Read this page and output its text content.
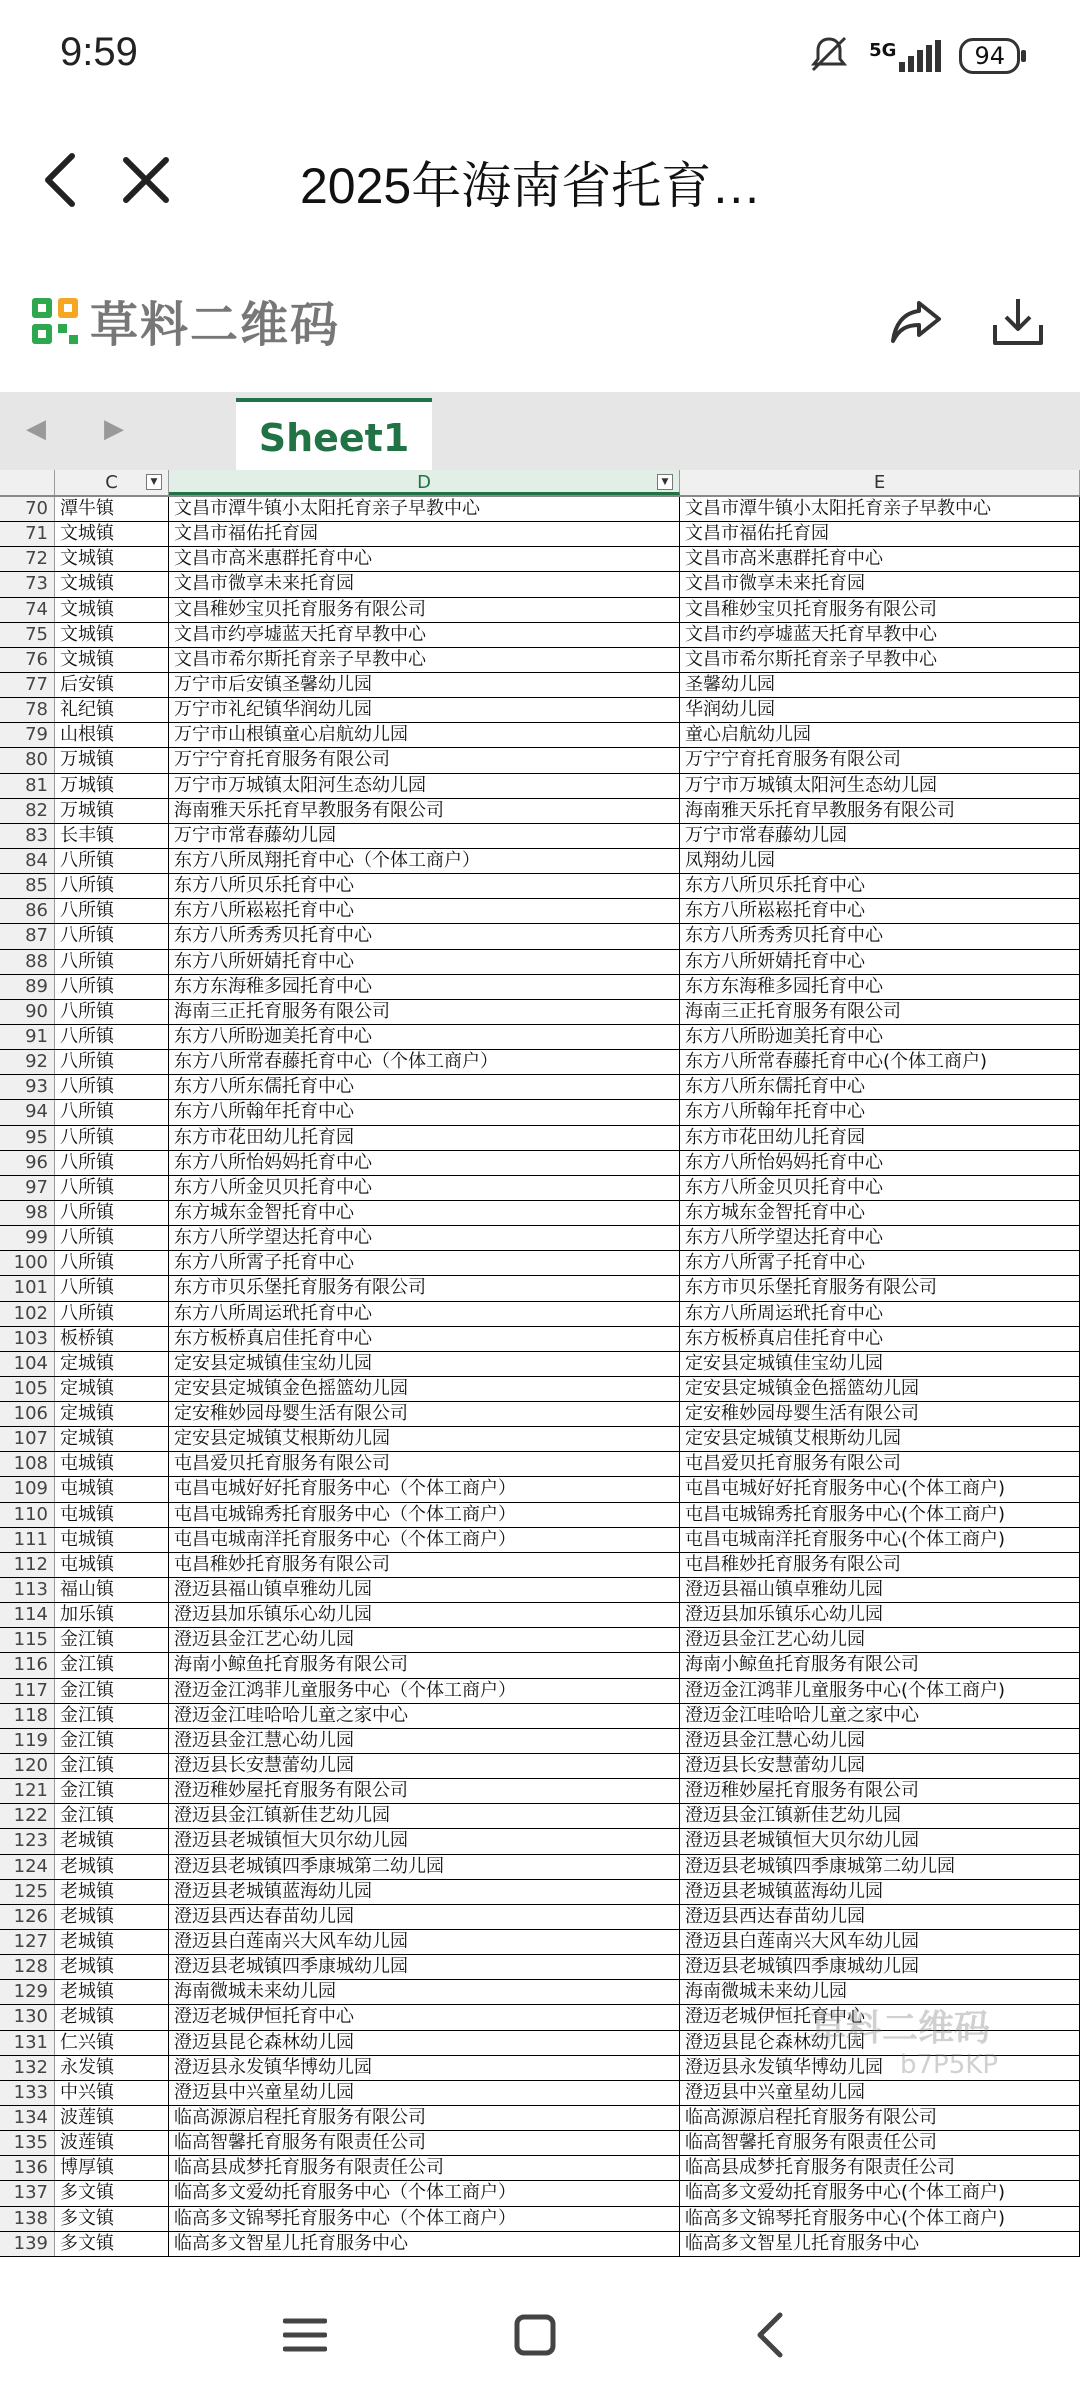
9:59	5G	94
2025年海南省托育…
草料二维码
◀ ▶	Sheet1
C	▼	D	▼	E
70 潭牛镇	文昌市潭牛镇小太阳托育亲子早教中心	文昌市潭牛镇小太阳托育亲子早教中心
71 文城镇	文昌市福佑托育园	文昌市福佑托育园
72 文城镇	文昌市高米惠群托育中心	文昌市高米惠群托育中心
73 文城镇	文昌市微享未来托育园	文昌市微享未来托育园
74 文城镇	文昌稚妙宝贝托育服务有限公司	文昌稚妙宝贝托育服务有限公司
75 文城镇	文昌市约亭墟蓝天托育早教中心	文昌市约亭墟蓝天托育早教中心
76 文城镇	文昌市希尔斯托育亲子早教中心	文昌市希尔斯托育亲子早教中心
77 后安镇	万宁市后安镇圣馨幼儿园	圣馨幼儿园
78 礼纪镇	万宁市礼纪镇华润幼儿园	华润幼儿园
79 山根镇	万宁市山根镇童心启航幼儿园	童心启航幼儿园
80 万城镇	万宁宁育托育服务有限公司	万宁宁育托育服务有限公司
81 万城镇	万宁市万城镇太阳河生态幼儿园	万宁市万城镇太阳河生态幼儿园
82 万城镇	海南雅天乐托育早教服务有限公司	海南雅天乐托育早教服务有限公司
83 长丰镇	万宁市常春藤幼儿园	万宁市常春藤幼儿园
84 八所镇	东方八所凤翔托育中心（个体工商户）	凤翔幼儿园
85 八所镇	东方八所贝乐托育中心	东方八所贝乐托育中心
86 八所镇	东方八所崧崧托育中心	东方八所崧崧托育中心
87 八所镇	东方八所秀秀贝托育中心	东方八所秀秀贝托育中心
88 八所镇	东方八所妍婧托育中心	东方八所妍婧托育中心
89 八所镇	东方东海稚多园托育中心	东方东海稚多园托育中心
90 八所镇	海南三正托育服务有限公司	海南三正托育服务有限公司
91 八所镇	东方八所盼迦美托育中心	东方八所盼迦美托育中心
92 八所镇	东方八所常春藤托育中心（个体工商户）	东方八所常春藤托育中心(个体工商户)
93 八所镇	东方八所东儒托育中心	东方八所东儒托育中心
94 八所镇	东方八所翰年托育中心	东方八所翰年托育中心
95 八所镇	东方市花田幼儿托育园	东方市花田幼儿托育园
96 八所镇	东方八所怡妈妈托育中心	东方八所怡妈妈托育中心
97 八所镇	东方八所金贝贝托育中心	东方八所金贝贝托育中心
98 八所镇	东方城东金智托育中心	东方城东金智托育中心
99 八所镇	东方八所学望达托育中心	东方八所学望达托育中心
100 八所镇	东方八所霄子托育中心	东方八所霄子托育中心
101 八所镇	东方市贝乐堡托育服务有限公司	东方市贝乐堡托育服务有限公司
102 八所镇	东方八所周运玳托育中心	东方八所周运玳托育中心
103 板桥镇	东方板桥真启佳托育中心	东方板桥真启佳托育中心
104 定城镇	定安县定城镇佳宝幼儿园	定安县定城镇佳宝幼儿园
105 定城镇	定安县定城镇金色摇篮幼儿园	定安县定城镇金色摇篮幼儿园
106 定城镇	定安稚妙园母婴生活有限公司	定安稚妙园母婴生活有限公司
107 定城镇	定安县定城镇艾根斯幼儿园	定安县定城镇艾根斯幼儿园
108 屯城镇	屯昌爱贝托育服务有限公司	屯昌爱贝托育服务有限公司
109 屯城镇	屯昌屯城好好托育服务中心（个体工商户）	屯昌屯城好好托育服务中心(个体工商户)
110 屯城镇	屯昌屯城锦秀托育服务中心（个体工商户）	屯昌屯城锦秀托育服务中心(个体工商户)
111 屯城镇	屯昌屯城南洋托育服务中心（个体工商户）	屯昌屯城南洋托育服务中心(个体工商户)
112 屯城镇	屯昌稚妙托育服务有限公司	屯昌稚妙托育服务有限公司
113 福山镇	澄迈县福山镇卓雅幼儿园	澄迈县福山镇卓雅幼儿园
114 加乐镇	澄迈县加乐镇乐心幼儿园	澄迈县加乐镇乐心幼儿园
115 金江镇	澄迈县金江艺心幼儿园	澄迈县金江艺心幼儿园
116 金江镇	海南小鲸鱼托育服务有限公司	海南小鲸鱼托育服务有限公司
117 金江镇	澄迈金江鸿菲儿童服务中心（个体工商户）	澄迈金江鸿菲儿童服务中心(个体工商户)
118 金江镇	澄迈金江哇哈哈儿童之家中心	澄迈金江哇哈哈儿童之家中心
119 金江镇	澄迈县金江慧心幼儿园	澄迈县金江慧心幼儿园
120 金江镇	澄迈县长安慧蕾幼儿园	澄迈县长安慧蕾幼儿园
121 金江镇	澄迈稚妙屋托育服务有限公司	澄迈稚妙屋托育服务有限公司
122 金江镇	澄迈县金江镇新佳艺幼儿园	澄迈县金江镇新佳艺幼儿园
123 老城镇	澄迈县老城镇恒大贝尔幼儿园	澄迈县老城镇恒大贝尔幼儿园
124 老城镇	澄迈县老城镇四季康城第二幼儿园	澄迈县老城镇四季康城第二幼儿园
125 老城镇	澄迈县老城镇蓝海幼儿园	澄迈县老城镇蓝海幼儿园
126 老城镇	澄迈县西达春苗幼儿园	澄迈县西达春苗幼儿园
127 老城镇	澄迈县白莲南兴大风车幼儿园	澄迈县白莲南兴大风车幼儿园
128 老城镇	澄迈县老城镇四季康城幼儿园	澄迈县老城镇四季康城幼儿园
129 老城镇	海南微城未来幼儿园	海南微城未来幼儿园
130 老城镇	澄迈老城伊恒托育中心	澄迈老城伊恒托育中心
131 仁兴镇	澄迈县昆仑森林幼儿园	澄迈县昆仑森林幼儿园
132 永发镇	澄迈县永发镇华博幼儿园	澄迈县永发镇华博幼儿园
133 中兴镇	澄迈县中兴童星幼儿园	澄迈县中兴童星幼儿园
134 波莲镇	临高源源启程托育服务有限公司	临高源源启程托育服务有限公司
135 波莲镇	临高智馨托育服务有限责任公司	临高智馨托育服务有限责任公司
136 博厚镇	临高县成梦托育服务有限责任公司	临高县成梦托育服务有限责任公司
137 多文镇	临高多文爱幼托育服务中心（个体工商户）	临高多文爱幼托育服务中心(个体工商户)
138 多文镇	临高多文锦琴托育服务中心（个体工商户）	临高多文锦琴托育服务中心(个体工商户)
139 多文镇	临高多文智星儿托育服务中心	临高多文智星儿托育服务中心
草料二维码
b7P5KP
